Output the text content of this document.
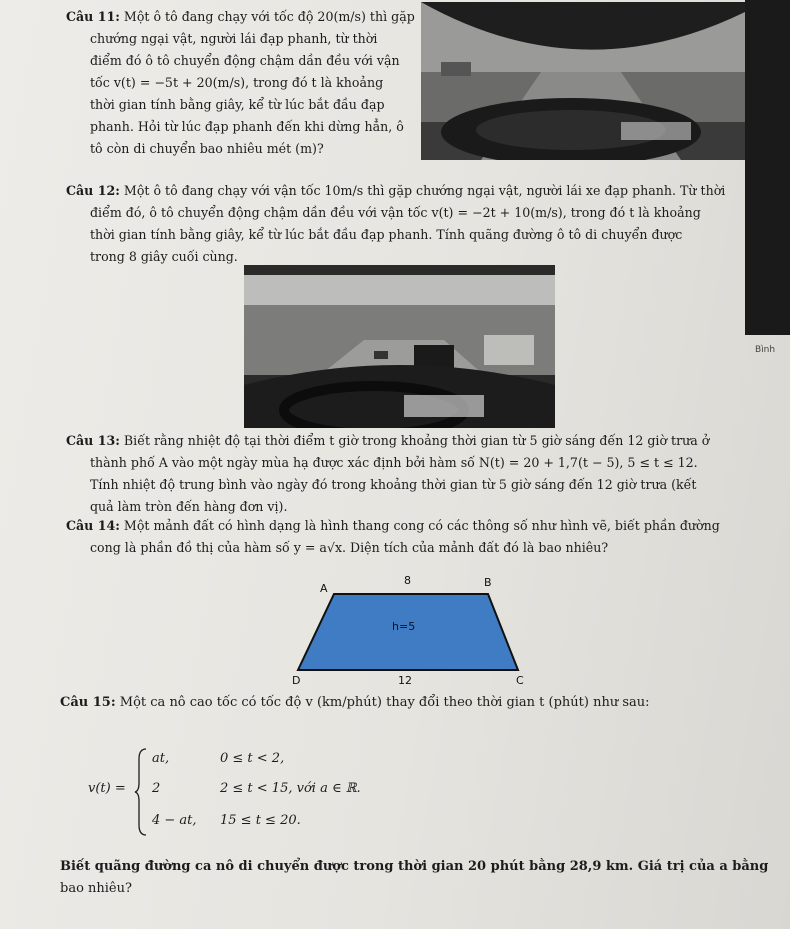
Bình
Câu 11: Một ô tô đang chạy với tốc độ 20(m/s) thì gặp
chướng ngại vật, người lái đạp phanh, từ thời
điểm đó ô tô chuyển động chậm dần đều với vận
tốc v(t) = −5t + 20(m/s), trong đó t là khoảng
thời gian tính bằng giây, kể từ lúc bắt đầu đạp
phanh. Hỏi từ lúc đạp phanh đến khi dừng hẳn, ô
tô còn di chuyển bao nhiêu mét (m)?
Câu 12: Một ô tô đang chạy với vận tốc 10m/s thì gặp chướng ngại vật, người lái xe đạp phanh. Từ thời
điểm đó, ô tô chuyển động chậm dần đều với vận tốc v(t) = −2t + 10(m/s), trong đó t là khoảng
thời gian tính bằng giây, kể từ lúc bắt đầu đạp phanh. Tính quãng đường ô tô di chuyển được
trong 8 giây cuối cùng.
Câu 13: Biết rằng nhiệt độ tại thời điểm t giờ trong khoảng thời gian từ 5 giờ sáng đến 12 giờ trưa ở
thành phố A vào một ngày mùa hạ được xác định bởi hàm số N(t) = 20 + 1,7(t − 5), 5 ≤ t ≤ 12.
Tính nhiệt độ trung bình vào ngày đó trong khoảng thời gian từ 5 giờ sáng đến 12 giờ trưa (kết
quả làm tròn đến hàng đơn vị).
Câu 14: Một mảnh đất có hình dạng là hình thang cong có các thông số như hình vẽ, biết phần đường
cong là phần đồ thị của hàm số y = a√x. Diện tích của mảnh đất đó là bao nhiêu?
A
8	B
h=5
D	12	C
Câu 15: Một ca nô cao tốc có tốc độ v (km/phút) thay đổi theo thời gian t (phút) như sau:
v(t) =
at,	0 ≤ t < 2,
2	2 ≤ t < 15, với a ∈ ℝ.
4 − at, 15 ≤ t ≤ 20.
Biết quãng đường ca nô di chuyển được trong thời gian 20 phút bằng 28,9 km. Giá trị của a bằng
bao nhiêu?
